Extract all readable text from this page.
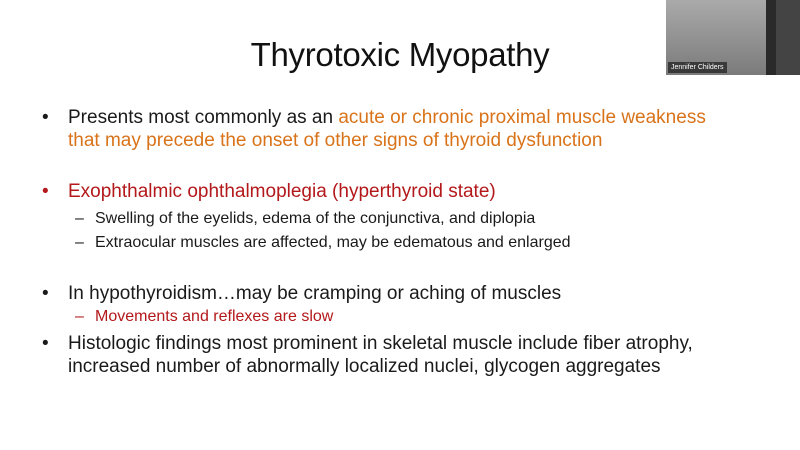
Thyrotoxic Myopathy
• Presents most commonly as an acute or chronic proximal muscle weakness
that may precede the onset of other signs of thyroid dysfunction
• Exophthalmic ophthalmoplegia (hyperthyroid state)
– Swelling of the eyelids, edema of the conjunctiva, and diplopia
– Extraocular muscles are affected, may be edematous and enlarged
• In hypothyroidism…may be cramping or aching of muscles
– Movements and reflexes are slow
• Histologic findings most prominent in skeletal muscle include fiber atrophy,
increased number of abnormally localized nuclei, glycogen aggregates
Jennifer Childers
